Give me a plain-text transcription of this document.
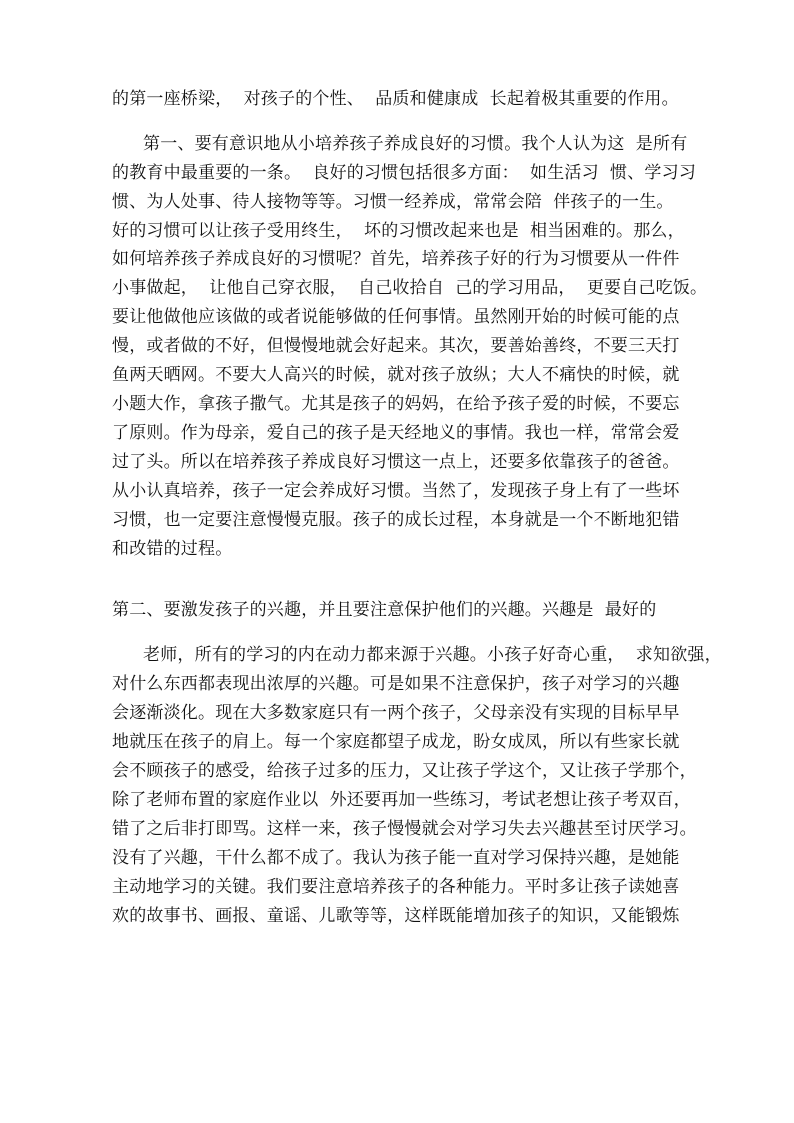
的第一座桥梁，  对孩子的个性、  品质和健康成  长起着极其重要的作用。
第一、要有意识地从小培养孩子养成良好的习惯。我个人认为这  是所有
的教育中最重要的一条。  良好的习惯包括很多方面：  如生活习  惯、学习习
惯、为人处事、待人接物等等。习惯一经养成，常常会陪  伴孩子的一生。
好的习惯可以让孩子受用终生，  坏的习惯改起来也是  相当困难的。那么，
如何培养孩子养成良好的习惯呢？首先，培养孩子好的行为习惯要从一件件
小事做起，  让他自己穿衣服，  自己收拾自  己的学习用品，  更要自己吃饭。
要让他做他应该做的或者说能够做的任何事情。虽然刚开始的时候可能的点
慢，或者做的不好，但慢慢地就会好起来。其次，要善始善终，不要三天打
鱼两天晒网。不要大人高兴的时候，就对孩子放纵；大人不痛快的时候，就
小题大作，拿孩子撒气。尤其是孩子的妈妈，在给予孩子爱的时候，不要忘
了原则。作为母亲，爱自己的孩子是天经地义的事情。我也一样，常常会爱
过了头。所以在培养孩子养成良好习惯这一点上，还要多依靠孩子的爸爸。
从小认真培养，孩子一定会养成好习惯。当然了，发现孩子身上有了一些坏
习惯，也一定要注意慢慢克服。孩子的成长过程，本身就是一个不断地犯错
和改错的过程。
第二、要激发孩子的兴趣，并且要注意保护他们的兴趣。兴趣是  最好的
老师，所有的学习的内在动力都来源于兴趣。小孩子好奇心重，  求知欲强，
对什么东西都表现出浓厚的兴趣。可是如果不注意保护，孩子对学习的兴趣
会逐渐淡化。现在大多数家庭只有一两个孩子，父母亲没有实现的目标早早
地就压在孩子的肩上。每一个家庭都望子成龙，盼女成凤，所以有些家长就
会不顾孩子的感受，给孩子过多的压力，又让孩子学这个，又让孩子学那个，
除了老师布置的家庭作业以  外还要再加一些练习，考试老想让孩子考双百，
错了之后非打即骂。这样一来，孩子慢慢就会对学习失去兴趣甚至讨厌学习。
没有了兴趣，干什么都不成了。我认为孩子能一直对学习保持兴趣，是她能
主动地学习的关键。我们要注意培养孩子的各种能力。平时多让孩子读她喜
欢的故事书、画报、童谣、儿歌等等，这样既能增加孩子的知识，又能锻炼
